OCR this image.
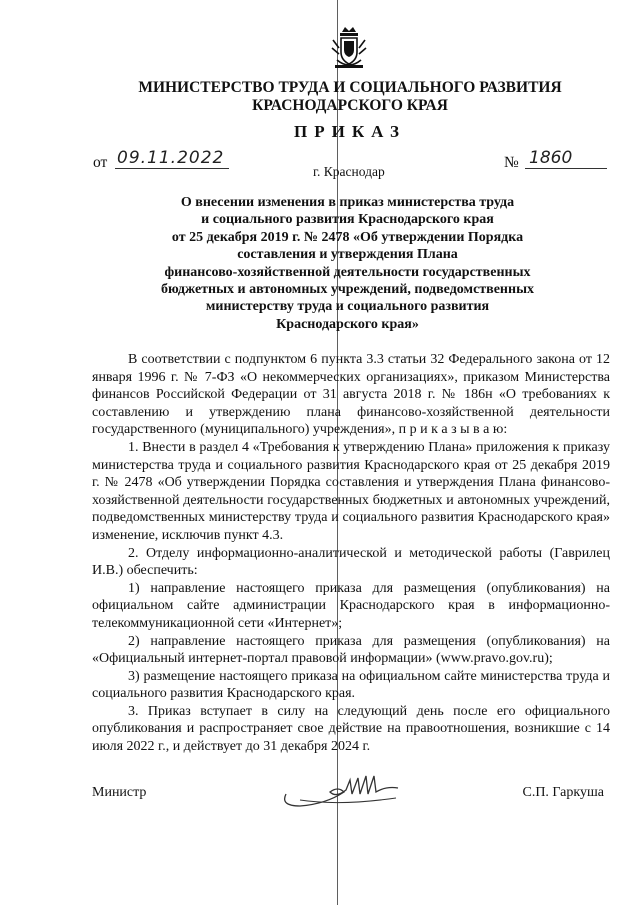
МИНИСТЕРСТВО ТРУДА И СОЦИАЛЬНОГО РАЗВИТИЯ
КРАСНОДАРСКОГО КРАЯ
ПРИКАЗ
от 09.11.2022
г. Краснодар
№ 1860
О внесении изменения в приказ министерства труда
и социального развития Краснодарского края
от 25 декабря 2019 г. № 2478 «Об утверждении Порядка
составления и утверждения Плана
финансово-хозяйственной деятельности государственных
бюджетных и автономных учреждений, подведомственных
министерству труда и социального развития
Краснодарского края»

В соответствии с подпунктом 6 пункта 3.3 статьи 32 Федерального закона от 12 января 1996 г. № 7-ФЗ «О некоммерческих организациях», приказом Министерства финансов Российской Федерации от 31 августа 2018 г. № 186н «О требованиях к составлению и утверждению плана финансово-хозяйственной деятельности государственного (муниципального) учреждения», п р и к а з ы в а ю:

1. Внести в раздел 4 «Требования к утверждению Плана» приложения к приказу министерства труда и социального развития Краснодарского края от 25 декабря 2019 г. № 2478 «Об утверждении Порядка составления и утверждения Плана финансово-хозяйственной деятельности государственных бюджетных и автономных учреждений, подведомственных министерству труда и социального развития Краснодарского края» изменение, исключив пункт 4.3.

2. Отделу информационно-аналитической и методической работы (Гаврилец И.В.) обеспечить:

1) направление настоящего приказа для размещения (опубликования) на официальном сайте администрации Краснодарского края в информационно-телекоммуникационной сети «Интернет»;

2) направление настоящего приказа для размещения (опубликования) на «Официальный интернет-портал правовой информации» (www.pravo.gov.ru);

3) размещение настоящего приказа на официальном сайте министерства труда и социального развития Краснодарского края.

3. Приказ вступает в силу на следующий день после его официального опубликования и распространяет свое действие на правоотношения, возникшие с 14 июля 2022 г., и действует до 31 декабря 2024 г.

Министр	С.П. Гаркуша
